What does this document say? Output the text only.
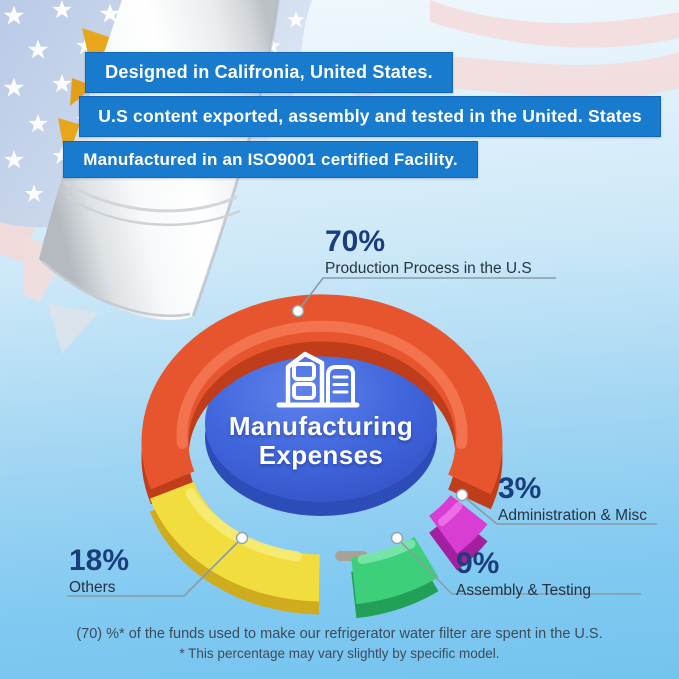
Designed in Califronia, United States.
U.S content exported, assembly and tested in the United. States
Manufactured in an ISO9001 certified Facility.
Manufacturing
Expenses
70%
Production Process in the U.S
3%
Administration & Misc
9%
Assembly & Testing
18%
Others
(70) %* of the funds used to make our refrigerator water filter are spent in the U.S.
* This percentage may vary slightly by specific model.
